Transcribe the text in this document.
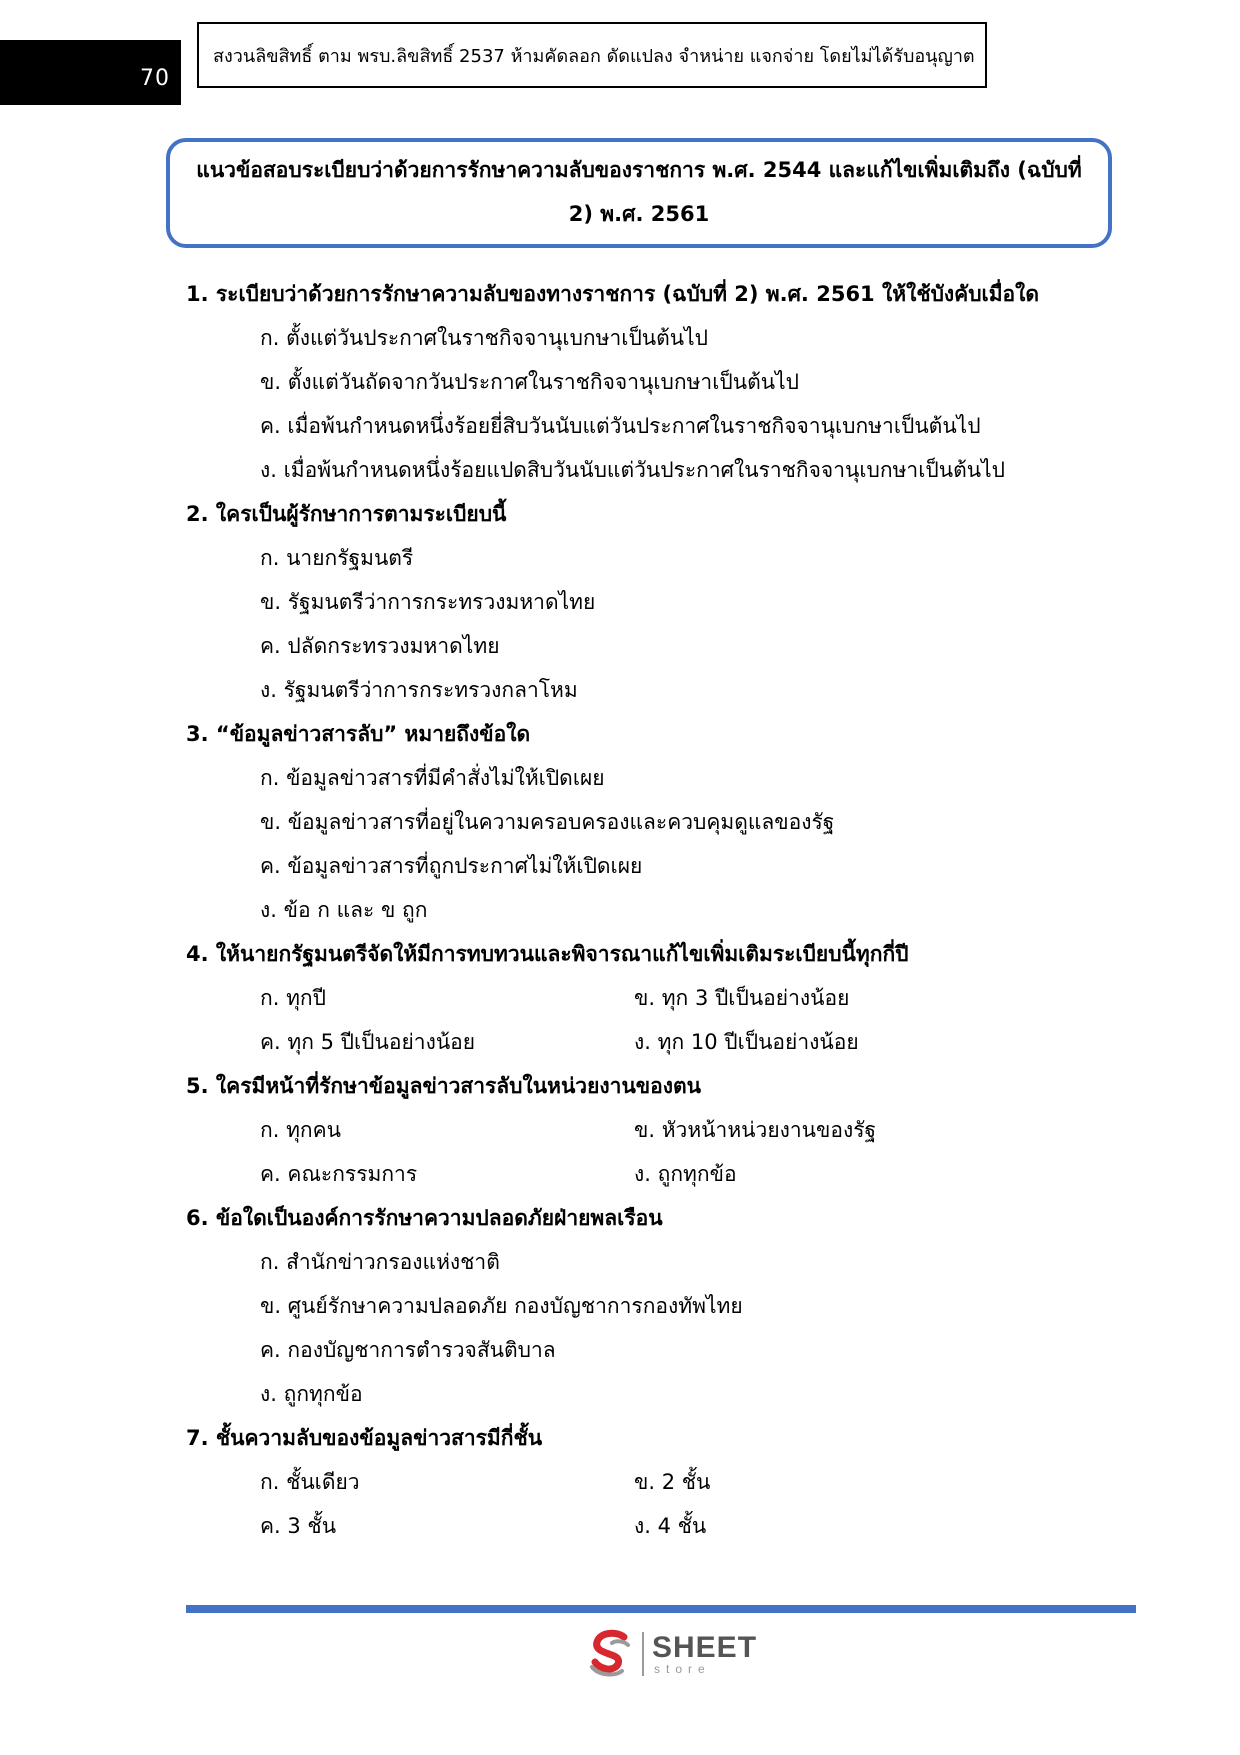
70
สงวนลิขสิทธิ์ ตาม พรบ.ลิขสิทธิ์ 2537 ห้ามคัดลอก ดัดแปลง จำหน่าย แจกจ่าย โดยไม่ได้รับอนุญาต
แนวข้อสอบระเบียบว่าด้วยการรักษาความลับของราชการ พ.ศ. 2544 และแก้ไขเพิ่มเติมถึง (ฉบับที่
2) พ.ศ. 2561
1. ระเบียบว่าด้วยการรักษาความลับของทางราชการ (ฉบับที่ 2) พ.ศ. 2561 ให้ใช้บังคับเมื่อใด
ก. ตั้งแต่วันประกาศในราชกิจจานุเบกษาเป็นต้นไป
ข. ตั้งแต่วันถัดจากวันประกาศในราชกิจจานุเบกษาเป็นต้นไป
ค. เมื่อพ้นกำหนดหนึ่งร้อยยี่สิบวันนับแต่วันประกาศในราชกิจจานุเบกษาเป็นต้นไป
ง. เมื่อพ้นกำหนดหนึ่งร้อยแปดสิบวันนับแต่วันประกาศในราชกิจจานุเบกษาเป็นต้นไป
2. ใครเป็นผู้รักษาการตามระเบียบนี้
ก. นายกรัฐมนตรี
ข. รัฐมนตรีว่าการกระทรวงมหาดไทย
ค. ปลัดกระทรวงมหาดไทย
ง. รัฐมนตรีว่าการกระทรวงกลาโหม
3. “ข้อมูลข่าวสารลับ” หมายถึงข้อใด
ก. ข้อมูลข่าวสารที่มีคำสั่งไม่ให้เปิดเผย
ข. ข้อมูลข่าวสารที่อยู่ในความครอบครองและควบคุมดูแลของรัฐ
ค. ข้อมูลข่าวสารที่ถูกประกาศไม่ให้เปิดเผย
ง. ข้อ ก และ ข ถูก
4. ให้นายกรัฐมนตรีจัดให้มีการทบทวนและพิจารณาแก้ไขเพิ่มเติมระเบียบนี้ทุกกี่ปี
ก. ทุกปี	ข. ทุก 3 ปีเป็นอย่างน้อย
ค. ทุก 5 ปีเป็นอย่างน้อย	ง. ทุก 10 ปีเป็นอย่างน้อย
5. ใครมีหน้าที่รักษาข้อมูลข่าวสารลับในหน่วยงานของตน
ก. ทุกคน	ข. หัวหน้าหน่วยงานของรัฐ
ค. คณะกรรมการ	ง. ถูกทุกข้อ
6. ข้อใดเป็นองค์การรักษาความปลอดภัยฝ่ายพลเรือน
ก. สำนักข่าวกรองแห่งชาติ
ข. ศูนย์รักษาความปลอดภัย กองบัญชาการกองทัพไทย
ค. กองบัญชาการตำรวจสันติบาล
ง. ถูกทุกข้อ
7. ชั้นความลับของข้อมูลข่าวสารมีกี่ชั้น
ก. ชั้นเดียว	ข. 2 ชั้น
ค. 3 ชั้น	ง. 4 ชั้น
SHEET
store
